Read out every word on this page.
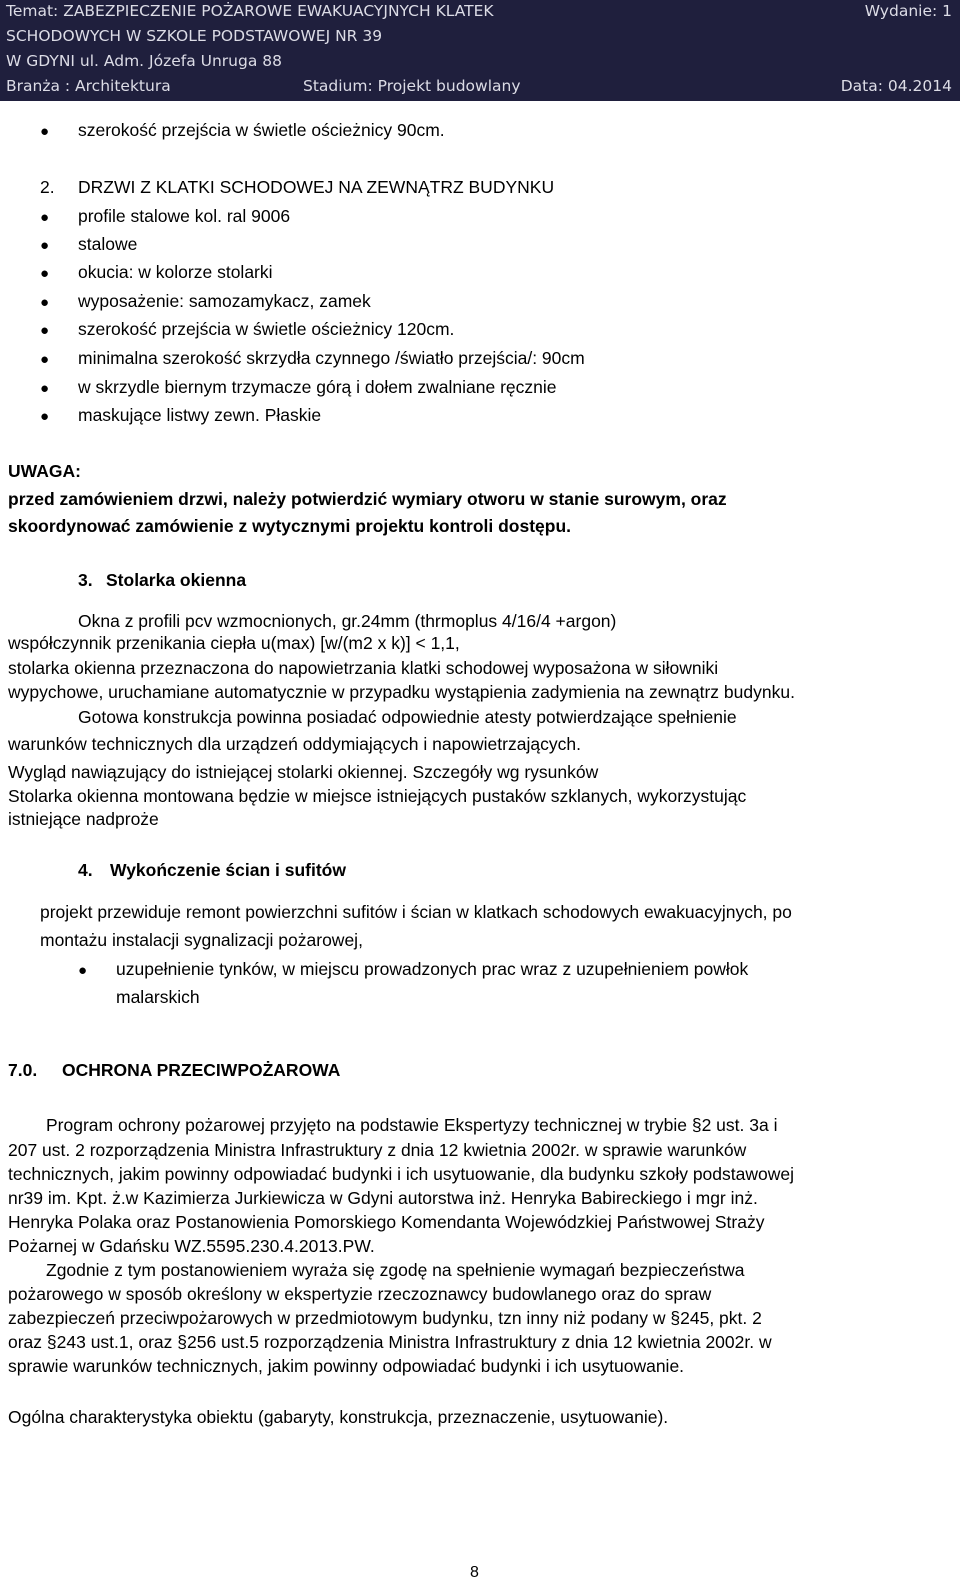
Temat: ZABEZPIECZENIE POŻAROWE EWAKUACYJNYCH KLATEK	Wydanie: 1
SCHODOWYCH W SZKOLE PODSTAWOWEJ NR 39
W GDYNI ul. Adm. Józefa Unruga 88
Branża : Architektura	Stadium: Projekt budowlany	Data: 04.2014
●
szerokość przejścia w świetle ościeżnicy 90cm.
2. DRZWI Z KLATKI SCHODOWEJ NA ZEWNĄTRZ BUDYNKU
●
profile stalowe kol. ral 9006
●
stalowe
●
okucia: w kolorze stolarki
●
wyposażenie: samozamykacz, zamek
●
szerokość przejścia w świetle ościeżnicy 120cm.
●
minimalna szerokość skrzydła czynnego /światło przejścia/: 90cm
●
w skrzydle biernym trzymacze górą i dołem zwalniane ręcznie
●
maskujące listwy zewn. Płaskie
UWAGA:
przed zamówieniem drzwi, należy potwierdzić wymiary otworu w stanie surowym, oraz
skoordynować zamówienie z wytycznymi projektu kontroli dostępu.
3. Stolarka okienna
Okna z profili pcv wzmocnionych, gr.24mm (thrmoplus 4/16/4 +argon)
współczynnik przenikania ciepła u(max) [w/(m2 x k)] < 1,1,
stolarka okienna przeznaczona do napowietrzania klatki schodowej wyposażona w siłowniki
wypychowe, uruchamiane automatycznie w przypadku wystąpienia zadymienia na zewnątrz budynku.
Gotowa konstrukcja powinna posiadać odpowiednie atesty potwierdzające spełnienie
warunków technicznych dla urządzeń oddymiających i napowietrzających.
Wygląd nawiązujący do istniejącej stolarki okiennej. Szczegóły wg rysunków
Stolarka okienna montowana będzie w miejsce istniejących pustaków szklanych, wykorzystując
istniejące nadproże
4. Wykończenie ścian i sufitów
projekt przewiduje remont powierzchni sufitów i ścian w klatkach schodowych ewakuacyjnych, po
montażu instalacji sygnalizacji pożarowej,
●
uzupełnienie tynków, w miejscu prowadzonych prac wraz z uzupełnieniem powłok
malarskich
7.0. OCHRONA PRZECIWPOŻAROWA
Program ochrony pożarowej przyjęto na podstawie Ekspertyzy technicznej w trybie §2 ust. 3a i
207 ust. 2 rozporządzenia Ministra Infrastruktury z dnia 12 kwietnia 2002r. w sprawie warunków
technicznych, jakim powinny odpowiadać budynki i ich usytuowanie, dla budynku szkoły podstawowej
nr39 im. Kpt. ż.w Kazimierza Jurkiewicza w Gdyni autorstwa inż. Henryka Babireckiego i mgr inż.
Henryka Polaka oraz Postanowienia Pomorskiego Komendanta Wojewódzkiej Państwowej Straży
Pożarnej w Gdańsku WZ.5595.230.4.2013.PW.
Zgodnie z tym postanowieniem wyraża się zgodę na spełnienie wymagań bezpieczeństwa
pożarowego w sposób określony w ekspertyzie rzeczoznawcy budowlanego oraz do spraw
zabezpieczeń przeciwpożarowych w przedmiotowym budynku, tzn inny niż podany w §245, pkt. 2
oraz §243 ust.1, oraz §256 ust.5 rozporządzenia Ministra Infrastruktury z dnia 12 kwietnia 2002r. w
sprawie warunków technicznych, jakim powinny odpowiadać budynki i ich usytuowanie.
Ogólna charakterystyka obiektu (gabaryty, konstrukcja, przeznaczenie, usytuowanie).
8
